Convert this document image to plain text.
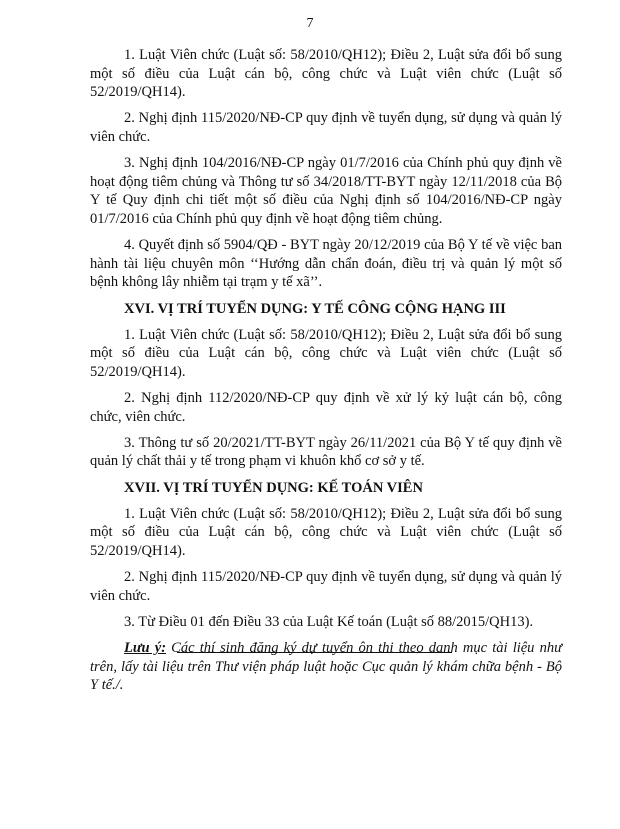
7

1. Luật Viên chức (Luật số: 58/2010/QH12); Điều 2, Luật sửa đổi bổ sung một số điều của Luật cán bộ, công chức và Luật viên chức (Luật số 52/2019/QH14).

2. Nghị định 115/2020/NĐ-CP quy định về tuyển dụng, sử dụng và quản lý viên chức.

3. Nghị định 104/2016/NĐ-CP ngày 01/7/2016 của Chính phủ quy định về hoạt động tiêm chủng và Thông tư số 34/2018/TT-BYT ngày 12/11/2018 của Bộ Y tế Quy định chi tiết một số điều của Nghị định số 104/2016/NĐ-CP ngày 01/7/2016 của Chính phủ quy định về hoạt động tiêm chủng.

4. Quyết định số 5904/QĐ - BYT ngày 20/12/2019 của Bộ Y tế về việc ban hành tài liệu chuyên môn ‘‘Hướng dẫn chẩn đoán, điều trị và quản lý một số bệnh không lây nhiễm tại trạm y tế xã’’.

XVI. VỊ TRÍ TUYỂN DỤNG: Y TẾ CÔNG CỘNG HẠNG III

1. Luật Viên chức (Luật số: 58/2010/QH12); Điều 2, Luật sửa đổi bổ sung một số điều của Luật cán bộ, công chức và Luật viên chức (Luật số 52/2019/QH14).

2. Nghị định 112/2020/NĐ-CP quy định về xử lý kỷ luật cán bộ, công chức, viên chức.

3. Thông tư số 20/2021/TT-BYT ngày 26/11/2021 của Bộ Y tế quy định về quản lý chất thải y tế trong phạm vi khuôn khổ cơ sở y tế.

XVII. VỊ TRÍ TUYỂN DỤNG: KẾ TOÁN VIÊN

1. Luật Viên chức (Luật số: 58/2010/QH12); Điều 2, Luật sửa đổi bổ sung một số điều của Luật cán bộ, công chức và Luật viên chức (Luật số 52/2019/QH14).

2. Nghị định 115/2020/NĐ-CP quy định về tuyển dụng, sử dụng và quản lý viên chức.

3. Từ Điều 01 đến Điều 33 của Luật Kế toán (Luật số 88/2015/QH13).

Lưu ý: Các thí sinh đăng ký dự tuyển ôn thi theo danh mục tài liệu như trên, lấy tài liệu trên Thư viện pháp luật hoặc Cục quản lý khám chữa bệnh - Bộ Y tế./.
